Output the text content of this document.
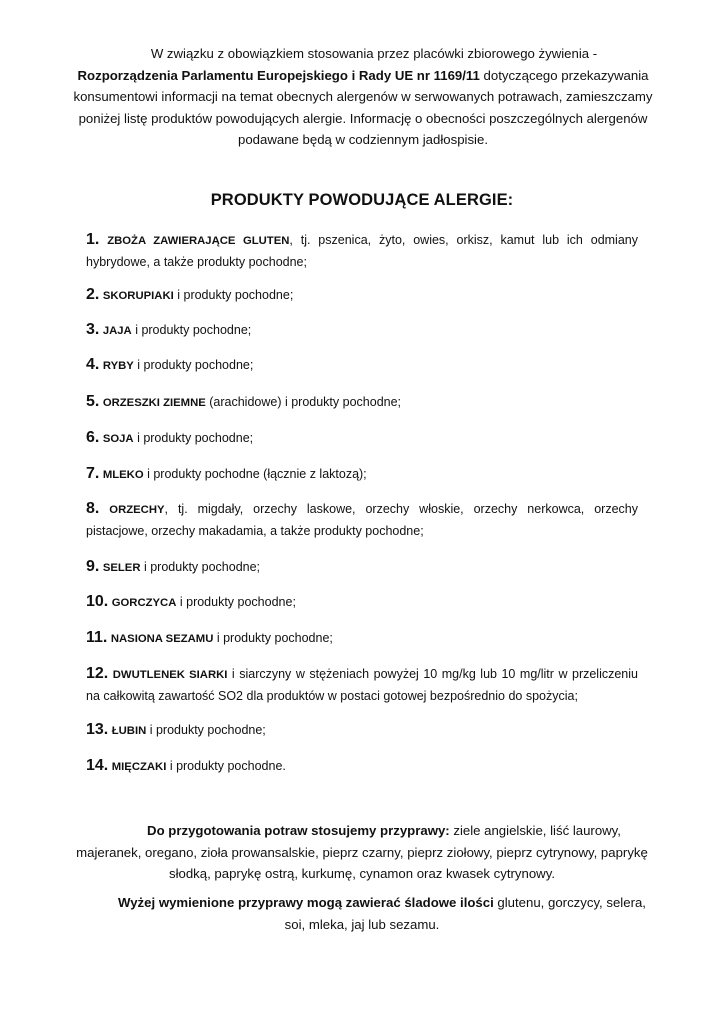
W związku z obowiązkiem stosowania przez placówki zbiorowego żywienia -
Rozporządzenia Parlamentu Europejskiego i Rady UE nr 1169/11 dotyczącego przekazywania konsumentowi informacji na temat obecnych alergenów w serwowanych potrawach, zamieszczamy poniżej listę produktów powodujących alergie. Informację o obecności poszczególnych alergenów podawane będą w codziennym jadłospisie.

PRODUKTY POWODUJĄCE ALERGIE:
1. ZBOŻA ZAWIERAJĄCE GLUTEN, tj. pszenica, żyto, owies, orkisz, kamut lub ich odmiany hybrydowe, a także produkty pochodne;
2. SKORUPIAKI i produkty pochodne;
3. JAJA i produkty pochodne;
4. RYBY i produkty pochodne;
5. ORZESZKI ZIEMNE (arachidowe) i produkty pochodne;
6. SOJA i produkty pochodne;
7. MLEKO i produkty pochodne (łącznie z laktozą);
8. ORZECHY, tj. migdały, orzechy laskowe, orzechy włoskie, orzechy nerkowca, orzechy pistacjowe, orzechy makadamia, a także produkty pochodne;
9. SELER i produkty pochodne;
10. GORCZYCA i produkty pochodne;
11. NASIONA SEZAMU i produkty pochodne;
12. DWUTLENEK SIARKI i siarczyny w stężeniach powyżej 10 mg/kg lub 10 mg/litr w przeliczeniu na całkowitą zawartość SO2 dla produktów w postaci gotowej bezpośrednio do spożycia;
13. ŁUBIN i produkty pochodne;
14. MIĘCZAKI i produkty pochodne.

Do przygotowania potraw stosujemy przyprawy: ziele angielskie, liść laurowy, majeranek, oregano, zioła prowansalskie, pieprz czarny, pieprz ziołowy, pieprz cytrynowy, paprykę słodką, paprykę ostrą, kurkumę, cynamon oraz kwasek cytrynowy.

Wyżej wymienione przyprawy mogą zawierać śladowe ilości glutenu, gorczycy, selera, soi, mleka, jaj lub sezamu.
